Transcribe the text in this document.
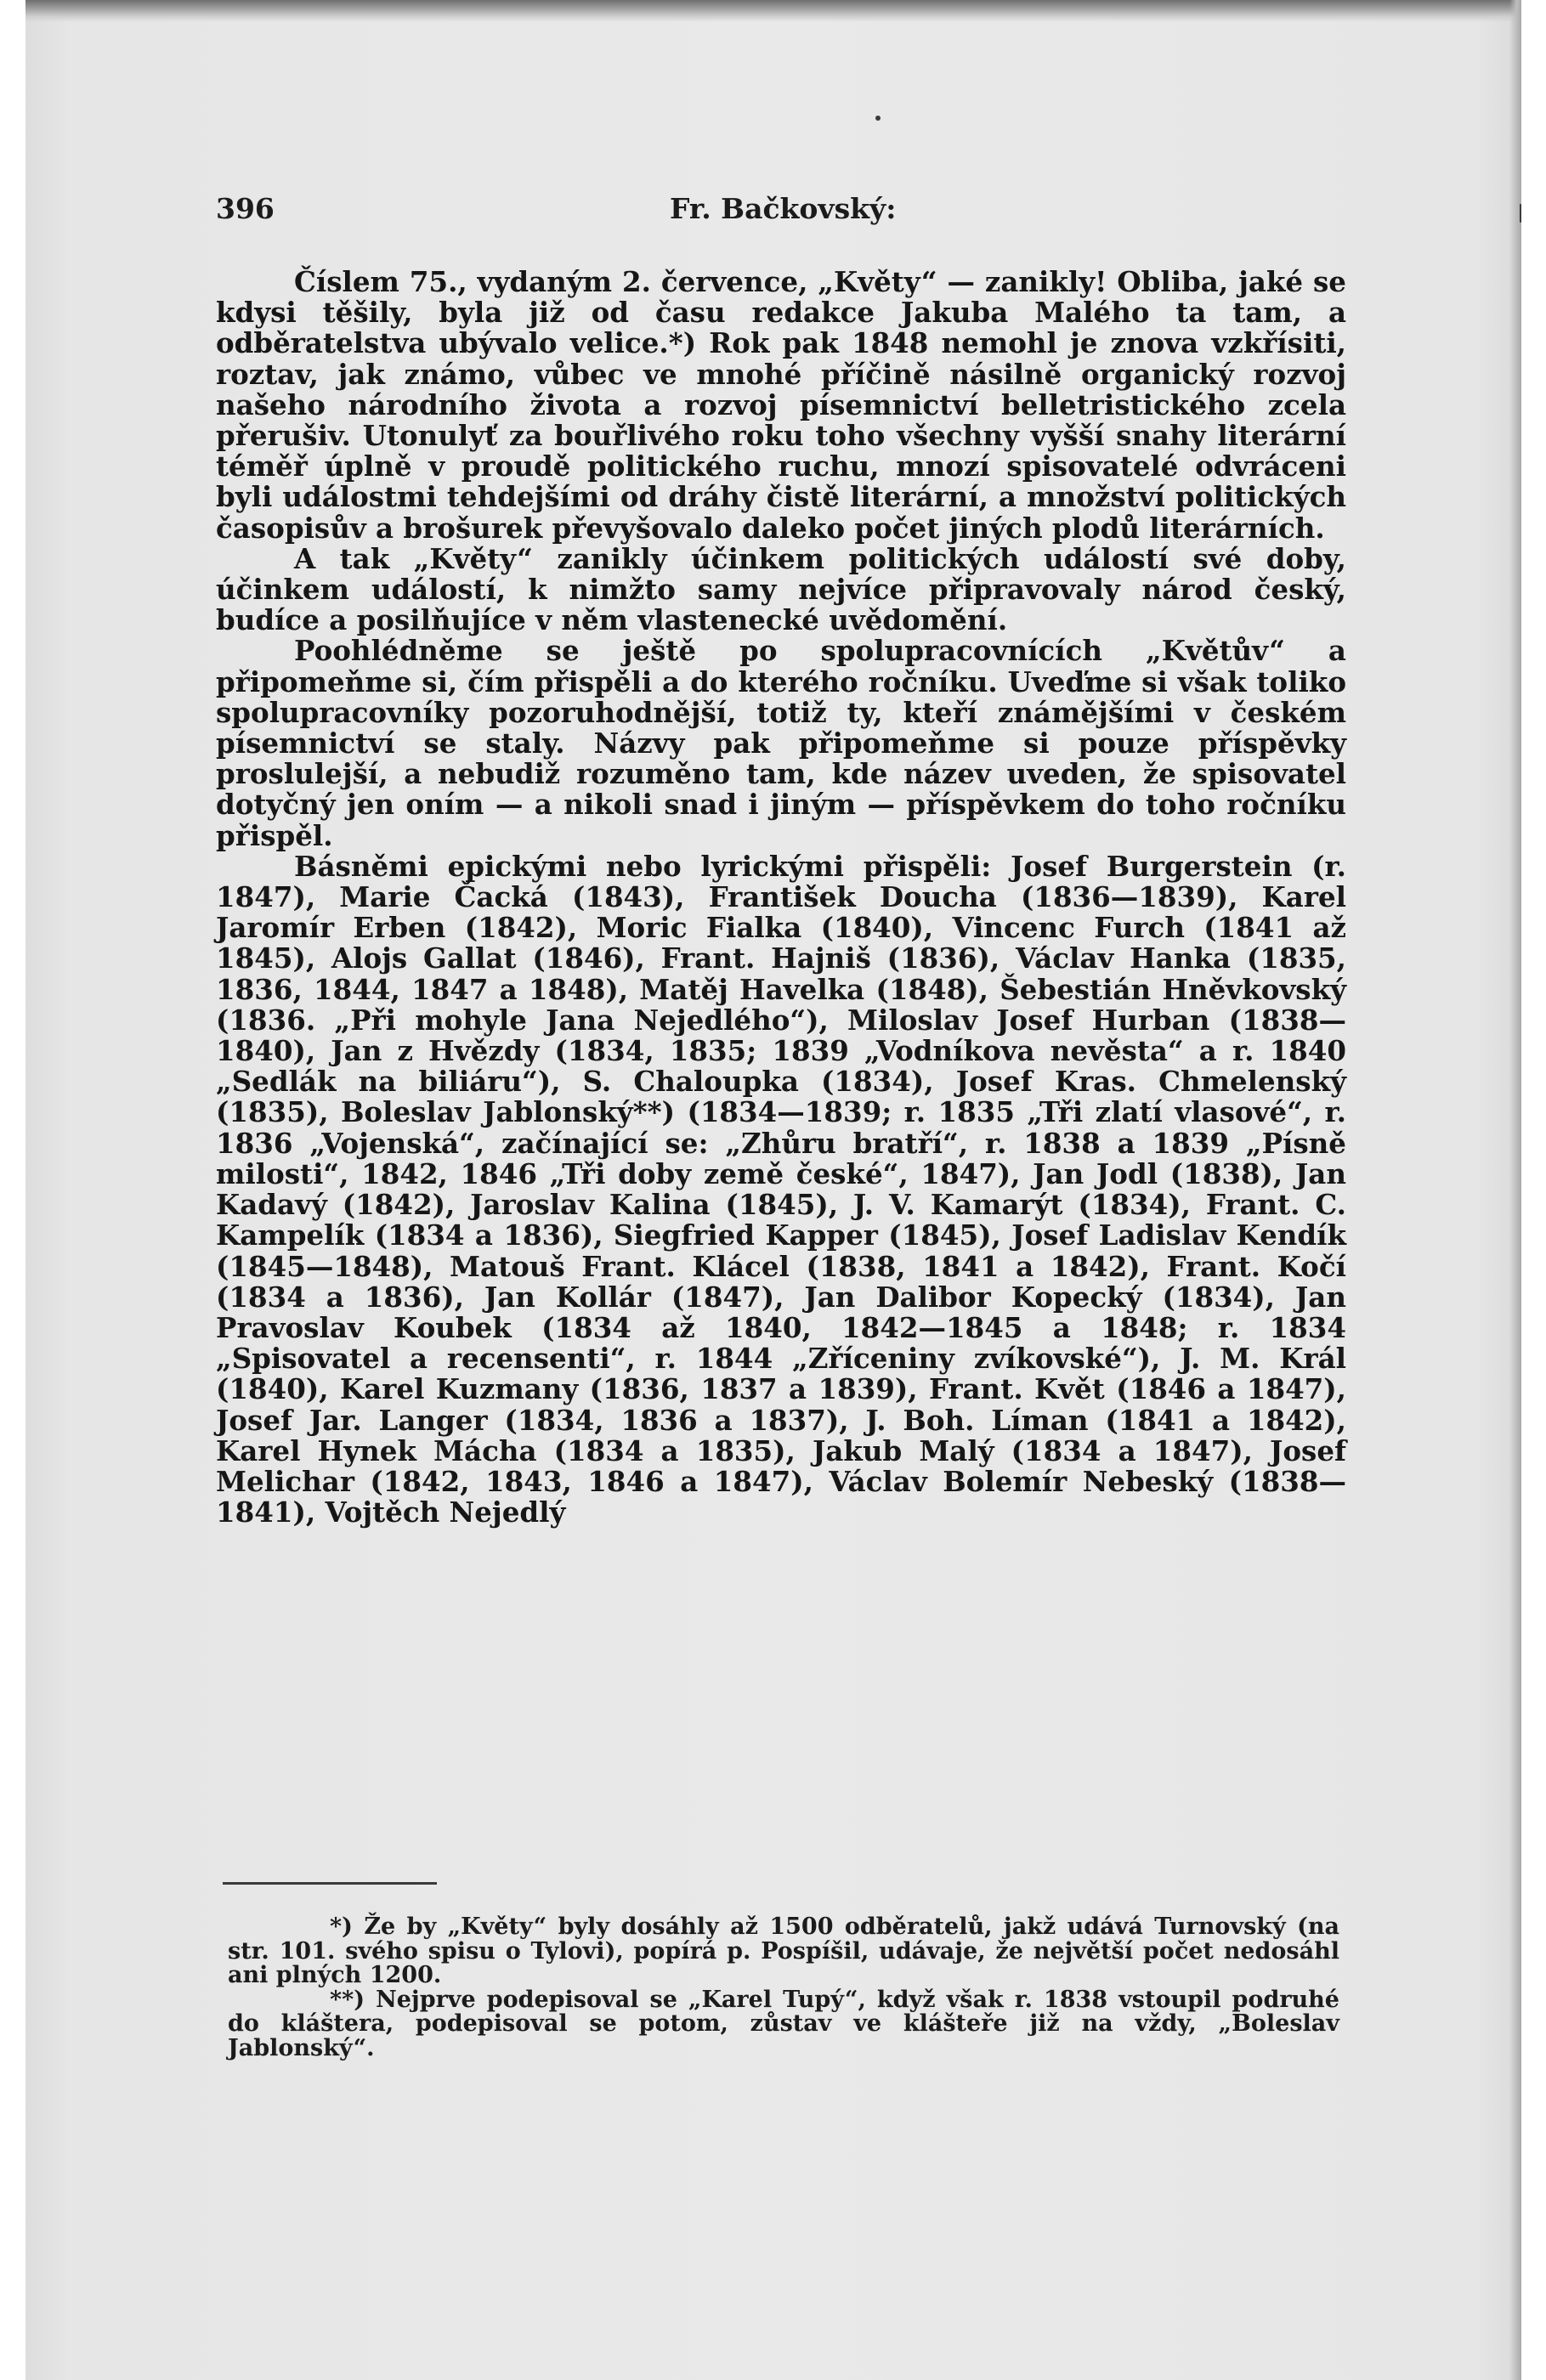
396	Fr. Bačkovský:

Číslem 75., vydaným 2. července, „Květy“ — zanikly! Obliba, jaké se kdysi těšily, byla již od času redakce Jakuba Malého ta tam, a odběratelstva ubývalo velice.*) Rok pak 1848 nemohl je znova vzkřísiti, roztav, jak známo, vůbec ve mnohé příčině násilně organický rozvoj našeho národního života a rozvoj písemnictví belletristického zcela přerušiv. Utonulyť za bouřlivého roku toho všechny vyšší snahy literární téměř úplně v proudě politického ruchu, mnozí spisovatelé odvráceni byli událostmi tehdejšími od dráhy čistě literární, a množství politických časopisův a brošurek převyšovalo daleko počet jiných plodů literárních.

A tak „Květy“ zanikly účinkem politických událostí své doby, účinkem událostí, k nimžto samy nejvíce připravovaly národ český, budíce a posilňujíce v něm vlastenecké uvědomění.

Poohlédněme se ještě po spolupracovnících „Květův“ a připomeňme si, čím přispěli a do kterého ročníku. Uveďme si však toliko spolupracovníky pozoruhodnější, totiž ty, kteří známějšími v českém písemnictví se staly. Názvy pak připomeňme si pouze příspěvky proslulejší, a nebudiž rozuměno tam, kde název uveden, že spisovatel dotyčný jen oním — a nikoli snad i jiným — příspěvkem do toho ročníku přispěl.

Básněmi epickými nebo lyrickými přispěli: Josef Burgerstein (r. 1847), Marie Čacká (1843), František Doucha (1836—1839), Karel Jaromír Erben (1842), Moric Fialka (1840), Vincenc Furch (1841 až 1845), Alojs Gallat (1846), Frant. Hajniš (1836), Václav Hanka (1835, 1836, 1844, 1847 a 1848), Matěj Havelka (1848), Šebestián Hněvkovský (1836. „Při mohyle Jana Nejedlého“), Miloslav Josef Hurban (1838—1840), Jan z Hvězdy (1834, 1835; 1839 „Vodníkova nevěsta“ a r. 1840 „Sedlák na biliáru“), S. Chaloupka (1834), Josef Kras. Chmelenský (1835), Boleslav Jablonský**) (1834—1839; r. 1835 „Tři zlatí vlasové“, r. 1836 „Vojenská“, začínající se: „Zhůru bratří“, r. 1838 a 1839 „Písně milosti“, 1842, 1846 „Tři doby země české“, 1847), Jan Jodl (1838), Jan Kadavý (1842), Jaroslav Kalina (1845), J. V. Kamarýt (1834), Frant. C. Kampelík (1834 a 1836), Siegfried Kapper (1845), Josef Ladislav Kendík (1845—1848), Matouš Frant. Klácel (1838, 1841 a 1842), Frant. Kočí (1834 a 1836), Jan Kollár (1847), Jan Dalibor Kopecký (1834), Jan Pravoslav Koubek (1834 až 1840, 1842—1845 a 1848; r. 1834 „Spisovatel a recensenti“, r. 1844 „Zříceniny zvíkovské“), J. M. Král (1840), Karel Kuzmany (1836, 1837 a 1839), Frant. Květ (1846 a 1847), Josef Jar. Langer (1834, 1836 a 1837), J. Boh. Líman (1841 a 1842), Karel Hynek Mácha (1834 a 1835), Jakub Malý (1834 a 1847), Josef Melichar (1842, 1843, 1846 a 1847), Václav Bolemír Nebeský (1838—1841), Vojtěch Nejedlý

*) Že by „Květy“ byly dosáhly až 1500 odběratelů, jakž udává Turnovský (na str. 101. svého spisu o Tylovi), popírá p. Pospíšil, udávaje, že největší počet nedosáhl ani plných 1200.

**) Nejprve podepisoval se „Karel Tupý“, když však r. 1838 vstoupil podruhé do kláštera, podepisoval se potom, zůstav ve klášteře již na vždy, „Boleslav Jablonský“.
